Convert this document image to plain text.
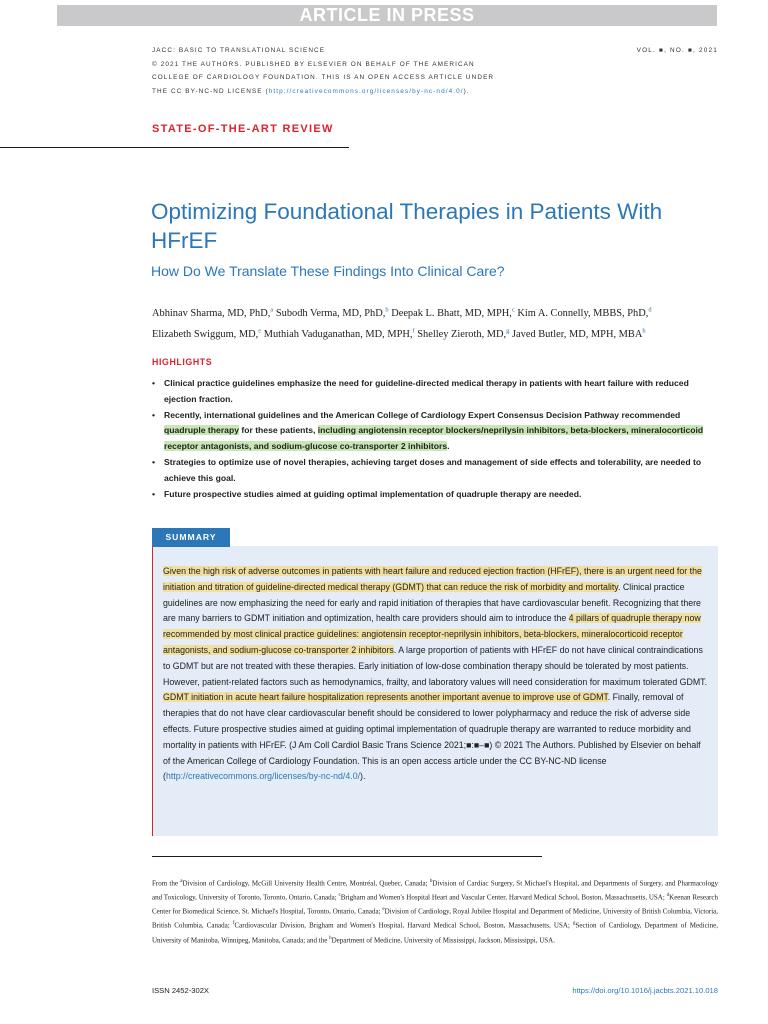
ARTICLE IN PRESS
JACC: BASIC TO TRANSLATIONAL SCIENCE
© 2021 THE AUTHORS. PUBLISHED BY ELSEVIER ON BEHALF OF THE AMERICAN
COLLEGE OF CARDIOLOGY FOUNDATION. THIS IS AN OPEN ACCESS ARTICLE UNDER
THE CC BY-NC-ND LICENSE (http://creativecommons.org/licenses/by-nc-nd/4.0/).
VOL. ■, NO. ■, 2021
STATE-OF-THE-ART REVIEW
Optimizing Foundational Therapies in Patients With HFrEF
How Do We Translate These Findings Into Clinical Care?
Abhinav Sharma, MD, PhD,$^a$ Subodh Verma, MD, PhD,$^b$ Deepak L. Bhatt, MD, MPH,$^c$ Kim A. Connelly, MBBS, PhD,$^d$
Elizabeth Swiggum, MD,$^e$ Muthiah Vaduganathan, MD, MPH,$^f$ Shelley Zieroth, MD,$^g$ Javed Butler, MD, MPH, MBA$^h$
HIGHLIGHTS
• Clinical practice guidelines emphasize the need for guideline-directed medical therapy in patients with heart failure with reduced ejection fraction.
• Recently, international guidelines and the American College of Cardiology Expert Consensus Decision Pathway recommended quadruple therapy for these patients, including angiotensin receptor blockers/neprilysin inhibitors, beta-blockers, mineralocorticoid receptor antagonists, and sodium-glucose co-transporter 2 inhibitors.
• Strategies to optimize use of novel therapies, achieving target doses and management of side effects and tolerability, are needed to achieve this goal.
• Future prospective studies aimed at guiding optimal implementation of quadruple therapy are needed.
SUMMARY
Given the high risk of adverse outcomes in patients with heart failure and reduced ejection fraction (HFrEF), there is an urgent need for the initiation and titration of guideline-directed medical therapy (GDMT) that can reduce the risk of morbidity and mortality. Clinical practice guidelines are now emphasizing the need for early and rapid initiation of therapies that have cardiovascular benefit. Recognizing that there are many barriers to GDMT initiation and optimization, health care providers should aim to introduce the 4 pillars of quadruple therapy now recommended by most clinical practice guidelines: angiotensin receptor-neprilysin inhibitors, beta-blockers, mineralocorticoid receptor antagonists, and sodium-glucose co-transporter 2 inhibitors. A large proportion of patients with HFrEF do not have clinical contraindications to GDMT but are not treated with these therapies. Early initiation of low-dose combination therapy should be tolerated by most patients. However, patient-related factors such as hemodynamics, frailty, and laboratory values will need consideration for maximum tolerated GDMT. GDMT initiation in acute heart failure hospitalization represents another important avenue to improve use of GDMT. Finally, removal of therapies that do not have clear cardiovascular benefit should be considered to lower polypharmacy and reduce the risk of adverse side effects. Future prospective studies aimed at guiding optimal implementation of quadruple therapy are warranted to reduce morbidity and mortality in patients with HFrEF. (J Am Coll Cardiol Basic Trans Science 2021;■:■–■) © 2021 The Authors. Published by Elsevier on behalf of the American College of Cardiology Foundation. This is an open access article under the CC BY-NC-ND license (http://creativecommons.org/licenses/by-nc-nd/4.0/).
From the $^a$Division of Cardiology, McGill University Health Centre, Montréal, Quebec, Canada; $^b$Division of Cardiac Surgery, St Michael's Hospital, and Departments of Surgery, and Pharmacology and Toxicology, University of Toronto, Toronto, Ontario, Canada; $^c$Brigham and Women's Hospital Heart and Vascular Center, Harvard Medical School, Boston, Massachusetts, USA; $^d$Keenan Research Center for Biomedical Science, St. Michael's Hospital, Toronto, Ontario, Canada; $^e$Division of Cardiology, Royal Jubilee Hospital and Department of Medicine, University of British Columbia, Victoria, British Columbia, Canada; $^f$Cardiovascular Division, Brigham and Women's Hospital, Harvard Medical School, Boston, Massachusetts, USA; $^g$Section of Cardiology, Department of Medicine, University of Manitoba, Winnipeg, Manitoba, Canada; and the $^h$Department of Medicine, University of Mississippi, Jackson, Mississippi, USA.
ISSN 2452-302X	https://doi.org/10.1016/j.jacbts.2021.10.018
